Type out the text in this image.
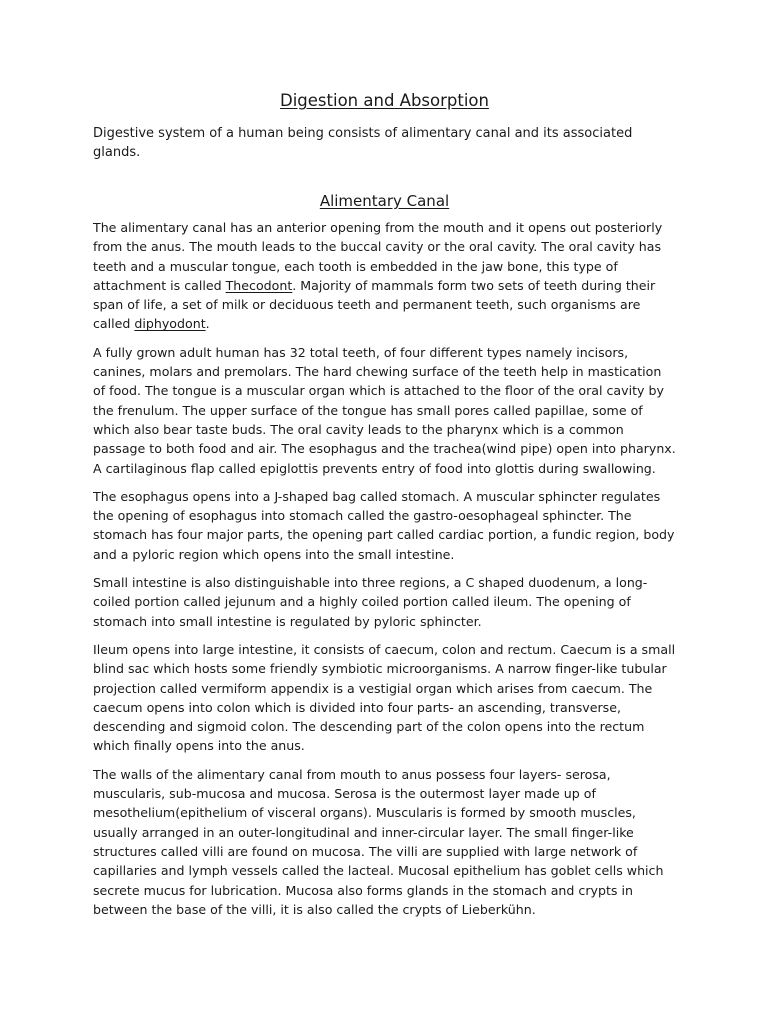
Digestion and Absorption

Digestive system of a human being consists of alimentary canal and its associated glands.

Alimentary Canal

The alimentary canal has an anterior opening from the mouth and it opens out posteriorly from the anus. The mouth leads to the buccal cavity or the oral cavity. The oral cavity has teeth and a muscular tongue, each tooth is embedded in the jaw bone, this type of attachment is called Thecodont. Majority of mammals form two sets of teeth during their span of life, a set of milk or deciduous teeth and permanent teeth, such organisms are called diphyodont.

A fully grown adult human has 32 total teeth, of four different types namely incisors, canines, molars and premolars. The hard chewing surface of the teeth help in mastication of food. The tongue is a muscular organ which is attached to the floor of the oral cavity by the frenulum. The upper surface of the tongue has small pores called papillae, some of which also bear taste buds. The oral cavity leads to the pharynx which is a common passage to both food and air. The esophagus and the trachea(wind pipe) open into pharynx. A cartilaginous flap called epiglottis prevents entry of food into glottis during swallowing.

The esophagus opens into a J-shaped bag called stomach. A muscular sphincter regulates the opening of esophagus into stomach called the gastro-oesophageal sphincter. The stomach has four major parts, the opening part called cardiac portion, a fundic region, body and a pyloric region which opens into the small intestine.

Small intestine is also distinguishable into three regions, a C shaped duodenum, a long-coiled portion called jejunum and a highly coiled portion called ileum. The opening of stomach into small intestine is regulated by pyloric sphincter.

Ileum opens into large intestine, it consists of caecum, colon and rectum. Caecum is a small blind sac which hosts some friendly symbiotic microorganisms. A narrow finger-like tubular projection called vermiform appendix is a vestigial organ which arises from caecum. The caecum opens into colon which is divided into four parts- an ascending, transverse, descending and sigmoid colon. The descending part of the colon opens into the rectum which finally opens into the anus.

The walls of the alimentary canal from mouth to anus possess four layers- serosa, muscularis, sub-mucosa and mucosa. Serosa is the outermost layer made up of mesothelium(epithelium of visceral organs). Muscularis is formed by smooth muscles, usually arranged in an outer-longitudinal and inner-circular layer. The small finger-like structures called villi are found on mucosa. The villi are supplied with large network of capillaries and lymph vessels called the lacteal. Mucosal epithelium has goblet cells which secrete mucus for lubrication. Mucosa also forms glands in the stomach and crypts in between the base of the villi, it is also called the crypts of Lieberkühn.
